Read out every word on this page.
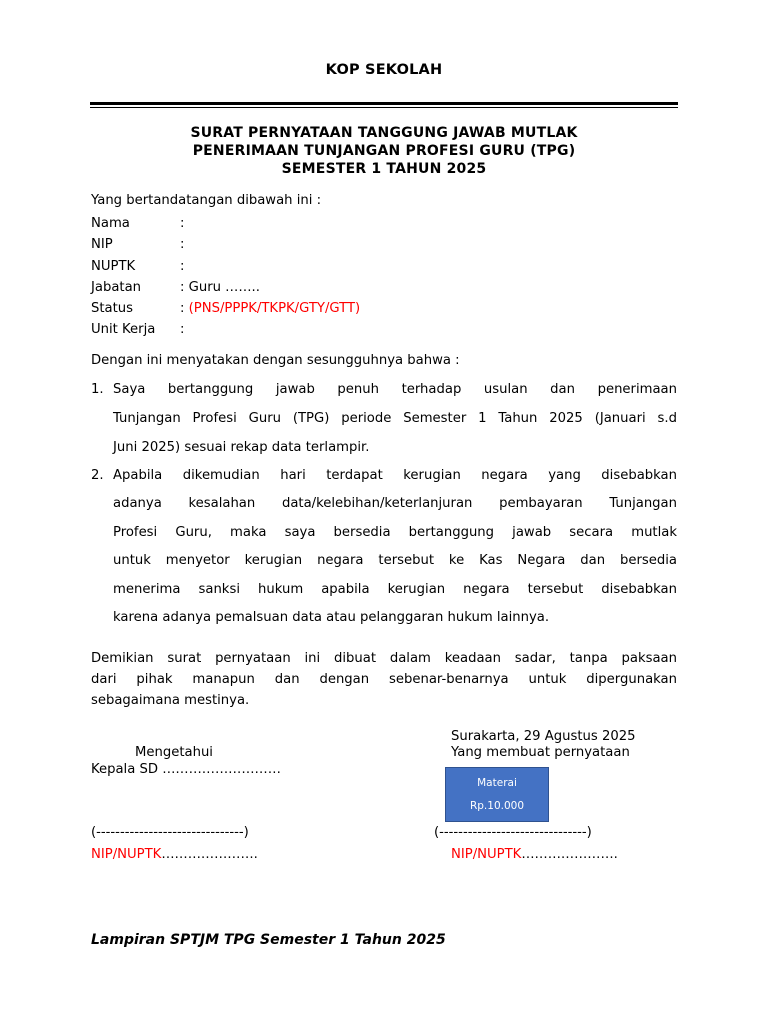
KOP SEKOLAH
SURAT PERNYATAAN TANGGUNG JAWAB MUTLAK
PENERIMAAN TUNJANGAN PROFESI GURU (TPG)
SEMESTER 1 TAHUN 2025
Yang bertandatangan dibawah ini :
Nama	:
NIP	:
NUPTK	:
Jabatan	: Guru ……..
Status	: (PNS/PPPK/TKPK/GTY/GTT)
Unit Kerja :
Dengan ini menyatakan dengan sesungguhnya bahwa :
1. Saya bertanggung jawab penuh terhadap usulan dan penerimaan
Tunjangan Profesi Guru (TPG) periode Semester 1 Tahun 2025 (Januari s.d
Juni 2025) sesuai rekap data terlampir.
2. Apabila dikemudian hari terdapat kerugian negara yang disebabkan
adanya kesalahan data/kelebihan/keterlanjuran pembayaran Tunjangan
Profesi Guru, maka saya bersedia bertanggung jawab secara mutlak
untuk menyetor kerugian negara tersebut ke Kas Negara dan bersedia
menerima sanksi hukum apabila kerugian negara tersebut disebabkan
karena adanya pemalsuan data atau pelanggaran hukum lainnya.
Demikian surat pernyataan ini dibuat dalam keadaan sadar, tanpa paksaan
dari pihak manapun dan dengan sebenar-benarnya untuk dipergunakan
sebagaimana mestinya.
Surakarta, 29 Agustus 2025
Yang membuat pernyataan
Mengetahui
Kepala SD ………………………
Materai
Rp.10.000
(-------------------------------)	(-------------------------------)
NIP/NUPTK………………….	NIP/NUPTK………………….
Lampiran SPTJM TPG Semester 1 Tahun 2025
